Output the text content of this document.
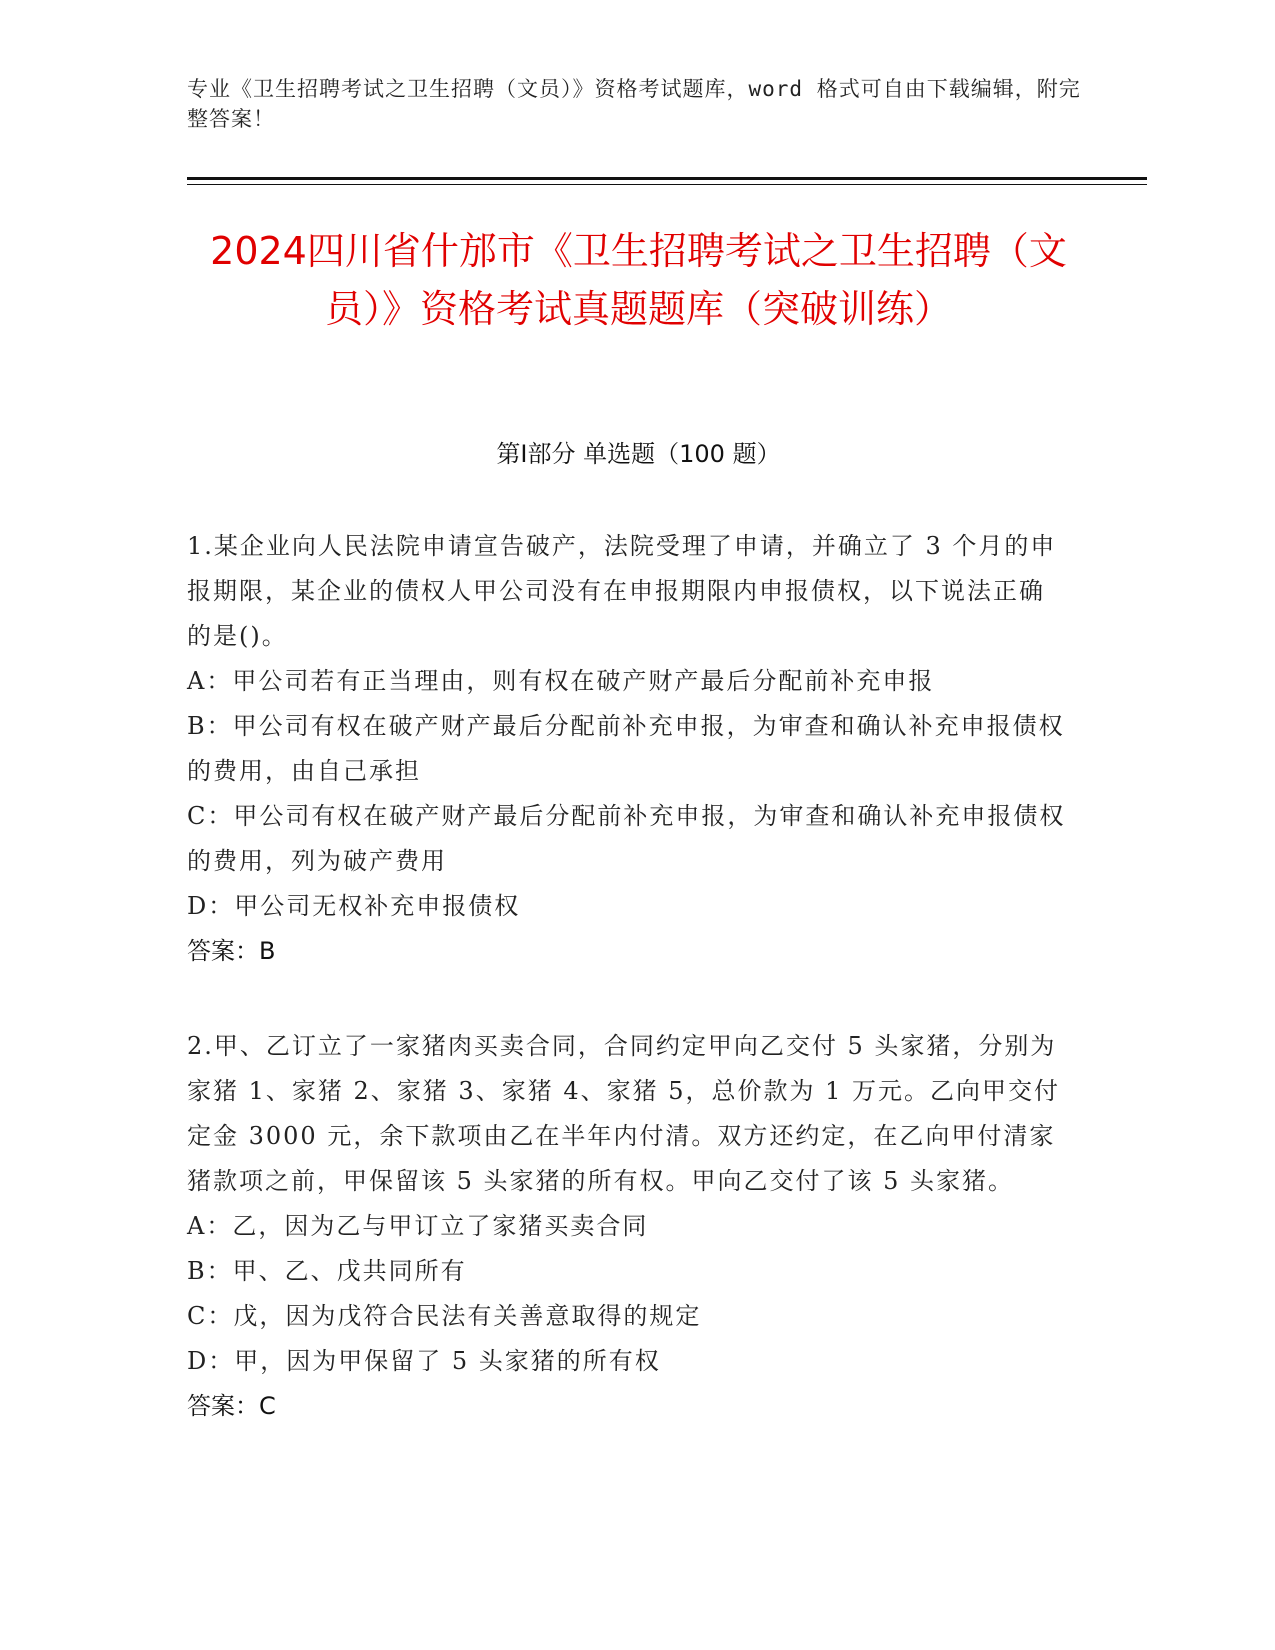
专业《卫生招聘考试之卫生招聘（文员）》资格考试题库，word 格式可自由下载编辑，附完整答案！
2024四川省什邡市《卫生招聘考试之卫生招聘（文员）》资格考试真题题库（突破训练）
第Ⅰ部分 单选题（100 题）
1.某企业向人民法院申请宣告破产，法院受理了申请，并确立了 3 个月的申报期限，某企业的债权人甲公司没有在申报期限内申报债权，以下说法正确的是()。
A：甲公司若有正当理由，则有权在破产财产最后分配前补充申报
B：甲公司有权在破产财产最后分配前补充申报，为审查和确认补充申报债权的费用，由自己承担
C：甲公司有权在破产财产最后分配前补充申报，为审查和确认补充申报债权的费用，列为破产费用
D：甲公司无权补充申报债权
答案：B
2.甲、乙订立了一家猪肉买卖合同，合同约定甲向乙交付 5 头家猪，分别为家猪 1、家猪 2、家猪 3、家猪 4、家猪 5，总价款为 1 万元。乙向甲交付定金 3000 元，余下款项由乙在半年内付清。双方还约定，在乙向甲付清家猪款项之前，甲保留该 5 头家猪的所有权。甲向乙交付了该 5 头家猪。
A：乙，因为乙与甲订立了家猪买卖合同
B：甲、乙、戊共同所有
C：戊，因为戊符合民法有关善意取得的规定
D：甲，因为甲保留了 5 头家猪的所有权
答案：C
